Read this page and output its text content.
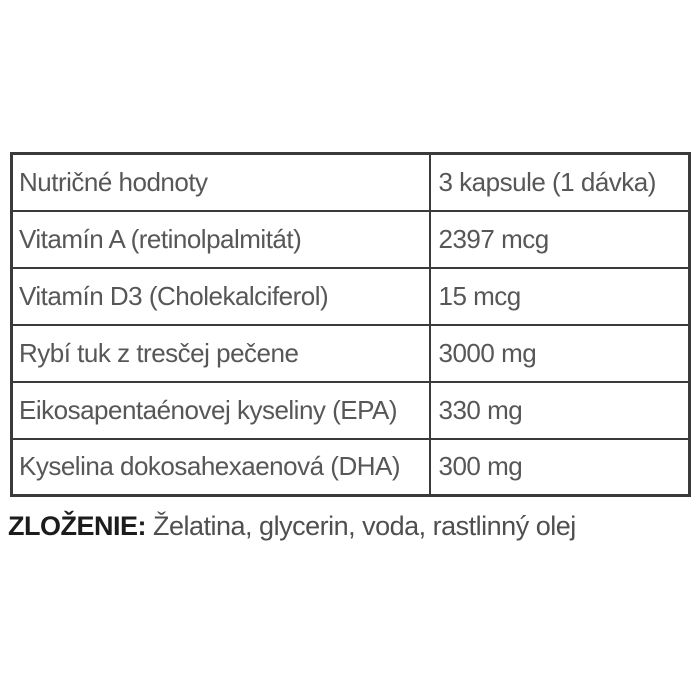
Nutričné hodnoty	3 kapsule (1 dávka)
Vitamín A (retinolpalmitát)	2397 mcg
Vitamín D3 (Cholekalciferol)	15 mcg
Rybí tuk z tresčej pečene	3000 mg
Eikosapentaénovej kyseliny (EPA)	330 mg
Kyselina dokosahexaenová (DHA)	300 mg
ZLOŽENIE: Želatina, glycerin, voda, rastlinný olej
